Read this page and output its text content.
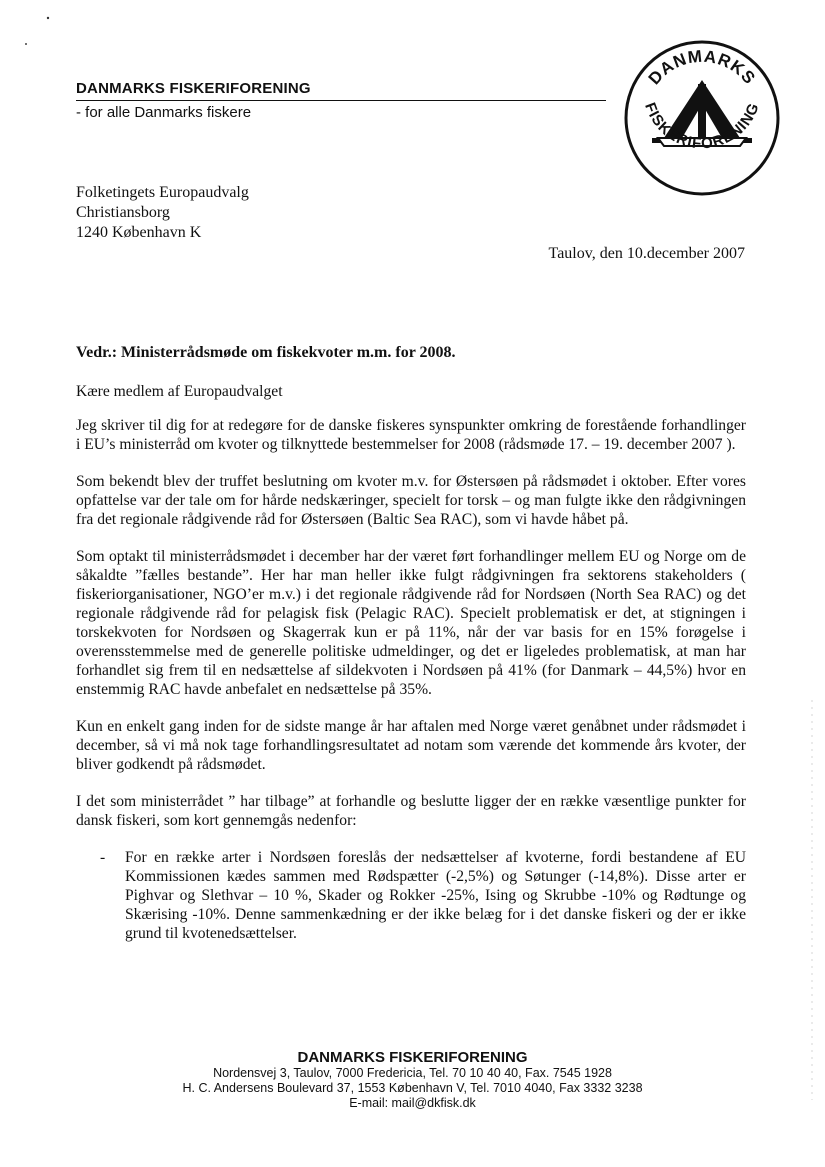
DANMARKS FISKERIFORENING
- for alle Danmarks fiskere
DANMARKS
FISKERIFORENING
Folketingets Europaudvalg
Christiansborg
1240 København K
Taulov, den 10.december 2007
Vedr.: Ministerrådsmøde om fiskekvoter m.m. for 2008.

Kære medlem af Europaudvalget

Jeg skriver til dig for at redegøre for de danske fiskeres synspunkter omkring de forestående forhandlinger i EU’s ministerråd om kvoter og tilknyttede bestemmelser for 2008 (rådsmøde 17. – 19. december 2007 ).

Som bekendt blev der truffet beslutning om kvoter m.v. for Østersøen på rådsmødet i oktober. Efter vores opfattelse var der tale om for hårde nedskæringer, specielt for torsk – og man fulgte ikke den rådgivningen fra det regionale rådgivende råd for Østersøen (Baltic Sea RAC), som vi havde håbet på.

Som optakt til ministerrådsmødet i december har der været ført forhandlinger mellem EU og Norge om de såkaldte ”fælles bestande”. Her har man heller ikke fulgt rådgivningen fra sektorens stakeholders ( fiskeriorganisationer, NGO’er m.v.) i det regionale rådgivende råd for Nordsøen (North Sea RAC) og det regionale rådgivende råd for pelagisk fisk (Pelagic RAC). Specielt problematisk er det, at stigningen i torskekvoten for Nordsøen og Skagerrak kun er på 11%, når der var basis for en 15% forøgelse i overensstemmelse med de generelle politiske udmeldinger, og det er ligeledes problematisk, at man har forhandlet sig frem til en nedsættelse af sildekvoten i Nordsøen på 41% (for Danmark – 44,5%) hvor en enstemmig RAC havde anbefalet en nedsættelse på 35%.

Kun en enkelt gang inden for de sidste mange år har aftalen med Norge været genåbnet under rådsmødet i december, så vi må nok tage forhandlingsresultatet ad notam som værende det kommende års kvoter, der bliver godkendt på rådsmødet.

I det som ministerrådet ” har tilbage” at forhandle og beslutte ligger der en række væsentlige punkter for dansk fiskeri, som kort gennemgås nedenfor:

-	For en række arter i Nordsøen foreslås der nedsættelser af kvoterne, fordi bestandene af EU Kommissionen kædes sammen med Rødspætter (-2,5%) og Søtunger (-14,8%). Disse arter er Pighvar og Slethvar – 10 %, Skader og Rokker -25%, Ising og Skrubbe -10% og Rødtunge og Skærising -10%. Denne sammenkædning er der ikke belæg for i det danske fiskeri og der er ikke grund til kvotenedsættelser.
DANMARKS FISKERIFORENING
Nordensvej 3, Taulov, 7000 Fredericia, Tel. 70 10 40 40, Fax. 7545 1928
H. C. Andersens Boulevard 37, 1553 København V, Tel. 7010 4040, Fax 3332 3238
E-mail: mail@dkfisk.dk
